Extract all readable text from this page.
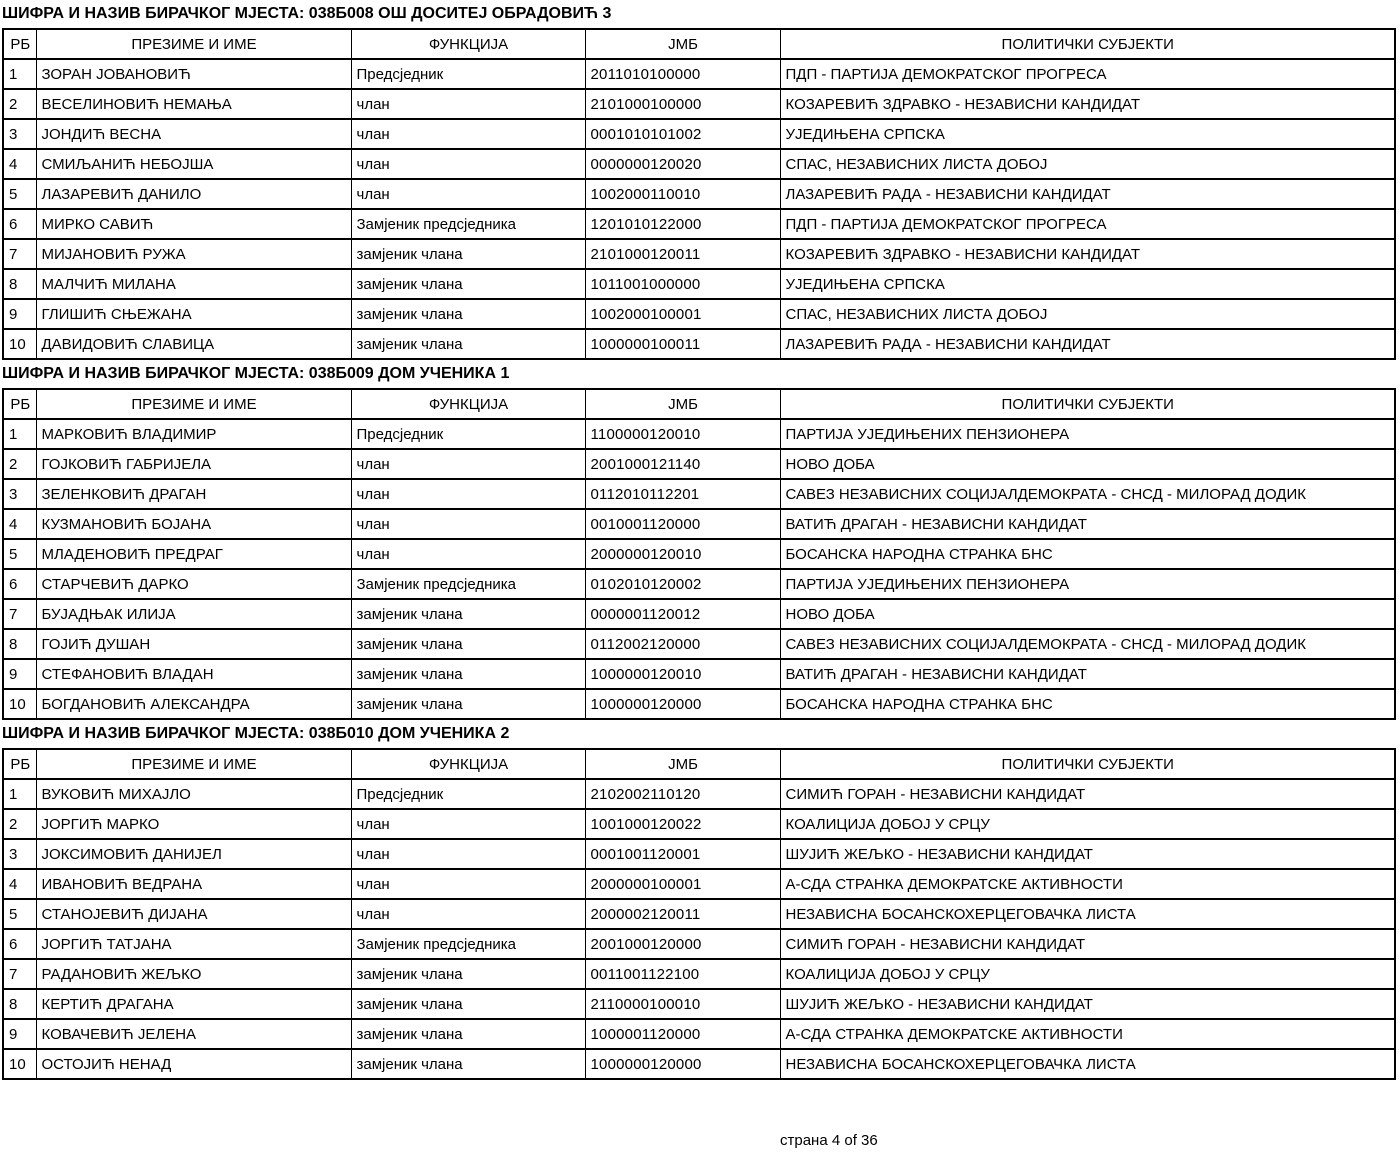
ШИФРА И НАЗИВ БИРАЧКОГ МЈЕСТА: 038Б008 ОШ ДОСИТЕЈ ОБРАДОВИЋ 3
РБ	ПРЕЗИМЕ И ИМЕ	ФУНКЦИЈА	ЈМБ	ПОЛИТИЧКИ СУБЈЕКТИ
1	ЗОРАН ЈОВАНОВИЋ	Предсједник	2011010100000	ПДП - ПАРТИЈА ДЕМОКРАТСКОГ ПРОГРЕСА
2	ВЕСЕЛИНОВИЋ НЕМАЊА	члан	2101000100000	КОЗАРЕВИЋ ЗДРАВКО - НЕЗАВИСНИ КАНДИДАТ
3	ЈОНДИЋ ВЕСНА	члан	0001010101002	УЈЕДИЊЕНА СРПСКА
4	СМИЉАНИЋ НЕБОЈША	члан	0000000120020	СПАС, НЕЗАВИСНИХ ЛИСТА ДОБОЈ
5	ЛАЗАРЕВИЋ ДАНИЛО	члан	1002000110010	ЛАЗАРЕВИЋ РАДА - НЕЗАВИСНИ КАНДИДАТ
6	МИРКО САВИЋ	Замјеник предсједника	1201010122000	ПДП - ПАРТИЈА ДЕМОКРАТСКОГ ПРОГРЕСА
7	МИЈАНОВИЋ РУЖА	замјеник члана	2101000120011	КОЗАРЕВИЋ ЗДРАВКО - НЕЗАВИСНИ КАНДИДАТ
8	МАЛЧИЋ МИЛАНА	замјеник члана	1011001000000	УЈЕДИЊЕНА СРПСКА
9	ГЛИШИЋ СЊЕЖАНА	замјеник члана	1002000100001	СПАС, НЕЗАВИСНИХ ЛИСТА ДОБОЈ
10	ДАВИДОВИЋ СЛАВИЦА	замјеник члана	1000000100011	ЛАЗАРЕВИЋ РАДА - НЕЗАВИСНИ КАНДИДАТ
ШИФРА И НАЗИВ БИРАЧКОГ МЈЕСТА: 038Б009 ДОМ УЧЕНИКА 1
РБ	ПРЕЗИМЕ И ИМЕ	ФУНКЦИЈА	ЈМБ	ПОЛИТИЧКИ СУБЈЕКТИ
1	МАРКОВИЋ ВЛАДИМИР	Предсједник	1100000120010	ПАРТИЈА УЈЕДИЊЕНИХ ПЕНЗИОНЕРА
2	ГОЈКОВИЋ ГАБРИЈЕЛА	члан	2001000121140	НОВО ДОБА
3	ЗЕЛЕНКОВИЋ ДРАГАН	члан	0112010112201	САВЕЗ НЕЗАВИСНИХ СОЦИЈАЛДЕМОКРАТА - СНСД - МИЛОРАД ДОДИК
4	КУЗМАНОВИЋ БОЈАНА	члан	0010001120000	ВАТИЋ ДРАГАН - НЕЗАВИСНИ КАНДИДАТ
5	МЛАДЕНОВИЋ ПРЕДРАГ	члан	2000000120010	БОСАНСКА НАРОДНА СТРАНКА БНС
6	СТАРЧЕВИЋ ДАРКО	Замјеник предсједника	0102010120002	ПАРТИЈА УЈЕДИЊЕНИХ ПЕНЗИОНЕРА
7	БУЈАДЊАК ИЛИЈА	замјеник члана	0000001120012	НОВО ДОБА
8	ГОЈИЋ ДУШАН	замјеник члана	0112002120000	САВЕЗ НЕЗАВИСНИХ СОЦИЈАЛДЕМОКРАТА - СНСД - МИЛОРАД ДОДИК
9	СТЕФАНОВИЋ ВЛАДАН	замјеник члана	1000000120010	ВАТИЋ ДРАГАН - НЕЗАВИСНИ КАНДИДАТ
10	БОГДАНОВИЋ АЛЕКСАНДРА	замјеник члана	1000000120000	БОСАНСКА НАРОДНА СТРАНКА БНС
ШИФРА И НАЗИВ БИРАЧКОГ МЈЕСТА: 038Б010 ДОМ УЧЕНИКА 2
РБ	ПРЕЗИМЕ И ИМЕ	ФУНКЦИЈА	ЈМБ	ПОЛИТИЧКИ СУБЈЕКТИ
1	ВУКОВИЋ МИХАЈЛО	Предсједник	2102002110120	СИМИЋ ГОРАН - НЕЗАВИСНИ КАНДИДАТ
2	ЈОРГИЋ МАРКО	члан	1001000120022	КОАЛИЦИЈА ДОБОЈ У СРЦУ
3	ЈОКСИМОВИЋ ДАНИЈЕЛ	члан	0001001120001	ШУЈИЋ ЖЕЉКО - НЕЗАВИСНИ КАНДИДАТ
4	ИВАНОВИЋ ВЕДРАНА	члан	2000000100001	А-СДА СТРАНКА ДЕМОКРАТСКЕ АКТИВНОСТИ
5	СТАНОЈЕВИЋ ДИЈАНА	члан	2000002120011	НЕЗАВИСНА БОСАНСКОХЕРЦЕГОВАЧКА ЛИСТА
6	ЈОРГИЋ ТАТЈАНА	Замјеник предсједника	2001000120000	СИМИЋ ГОРАН - НЕЗАВИСНИ КАНДИДАТ
7	РАДАНОВИЋ ЖЕЉКО	замјеник члана	0011001122100	КОАЛИЦИЈА ДОБОЈ У СРЦУ
8	КЕРТИЋ ДРАГАНА	замјеник члана	2110000100010	ШУЈИЋ ЖЕЉКО - НЕЗАВИСНИ КАНДИДАТ
9	КОВАЧЕВИЋ ЈЕЛЕНА	замјеник члана	1000001120000	А-СДА СТРАНКА ДЕМОКРАТСКЕ АКТИВНОСТИ
10	ОСТОЈИЋ НЕНАД	замјеник члана	1000000120000	НЕЗАВИСНА БОСАНСКОХЕРЦЕГОВАЧКА ЛИСТА
страна 4 of 36
